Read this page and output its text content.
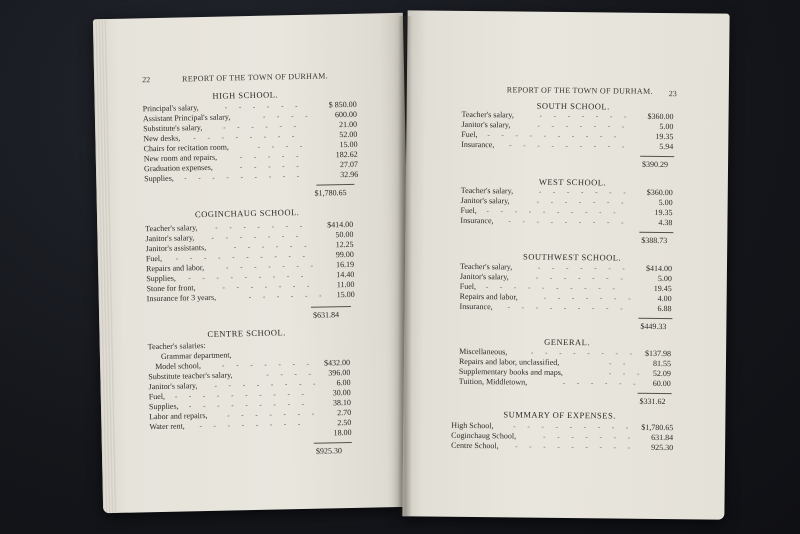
22	REPORT OF THE TOWN OF DURHAM.
HIGH SCHOOL.
Principal's salary,	- - - - - -	$ 850.00
Assistant Principal's salary,	- - - -	600.00
Substitute's salary,	- - - - - -	21.00
New desks, - - - - - - - -	52.00
Chairs for recitation room,	- - - -	15.00
New room and repairs,	- - - - -	182.62
Graduation expenses,	- - - - -	27.07
Supplies, - - - - - - - - -	32.96
$1,780.65
COGINCHAUG SCHOOL.
Teacher's salary, - - - - - - - $414.00
Janitor's salary, - - - - - - -	50.00
Janitor's assistants,	- - - - - -	12.25
Fuel, - - - - - - - - - -	99.00
Repairs and labor,	- - - - - - - 16.19
Supplies, - - - - - - - - -	14.40
Stone for front,	- - - - - - -	11.00
Insurance for 3 years,	- - - - - - 15.00
$631.84
CENTRE SCHOOL.
Teacher's salaries:
Grammar department,
Model school,	- - - - - - - $432.00
Substitute teacher's salary,	- - - - 396.00
Janitor's salary, - - - - - - - - 6.00
Fuel, - - - - - - - - - -	30.00
Supplies, - - - - - - - - -	38.10
Labor and repairs,	- - - - - - - 2.70
Water rent, - - - - - - - -	2.50
18.00
$925.30
REPORT OF THE TOWN OF DURHAM. 23
SOUTH SCHOOL.
Teacher's salary,	- - - - - - - $360.00
Janitor's salary,	- - - - - - -	5.00
Fuel, - - - - - - - - - -	19.35
Insurance, - - - - - - - - -	5.94
$390.29
WEST SCHOOL.
Teacher's salary,	- - - - - - - $360.00
Janitor's salary,	- - - - - - -	5.00
Fuel, - - - - - - - - - -	19.35
Insurance, - - - - - - - - -	4.38
$388.73
SOUTHWEST SCHOOL.
Teacher's salary,	- - - - - - - $414.00
Janitor's salary,	- - - - - - -	5.00
Fuel, - - - - - - - - - -	19.45
Repairs and labor,	- - - - - - -	4.00
Insurance, - - - - - - - - -	6.88
$449.33
GENERAL.
Miscellaneous,	- - - - - - - - $137.98
Repairs and labor, unclassified,	- -	81.55
Supplementary books and maps,	- - - 52.09
Tuition, Middletown,	- - - - - - 60.00
$331.62
SUMMARY OF EXPENSES.
High School,	- - - - - - - - - $1,780.65
Coginchaug School,	- - - - - - - 631.84
Centre School, - - - - - - - - - 925.30
